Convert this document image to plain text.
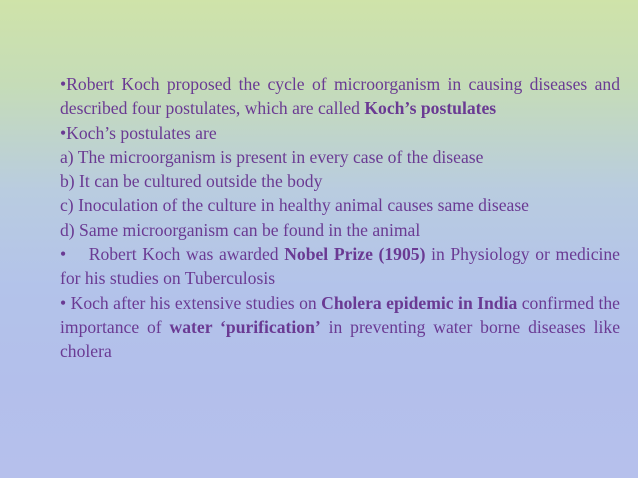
•Robert Koch proposed the cycle of microorganism in causing diseases and described four postulates, which are called Koch’s postulates

•Koch’s postulates are

a) The microorganism is present in every case of the disease

b) It can be cultured outside the body

c) Inoculation of the culture in healthy animal causes same disease

d) Same microorganism can be found in the animal

• Robert Koch was awarded Nobel Prize (1905) in Physiology or medicine for his studies on Tuberculosis

• Koch after his extensive studies on Cholera epidemic in India confirmed the importance of water ‘purification’ in preventing water borne diseases like cholera
